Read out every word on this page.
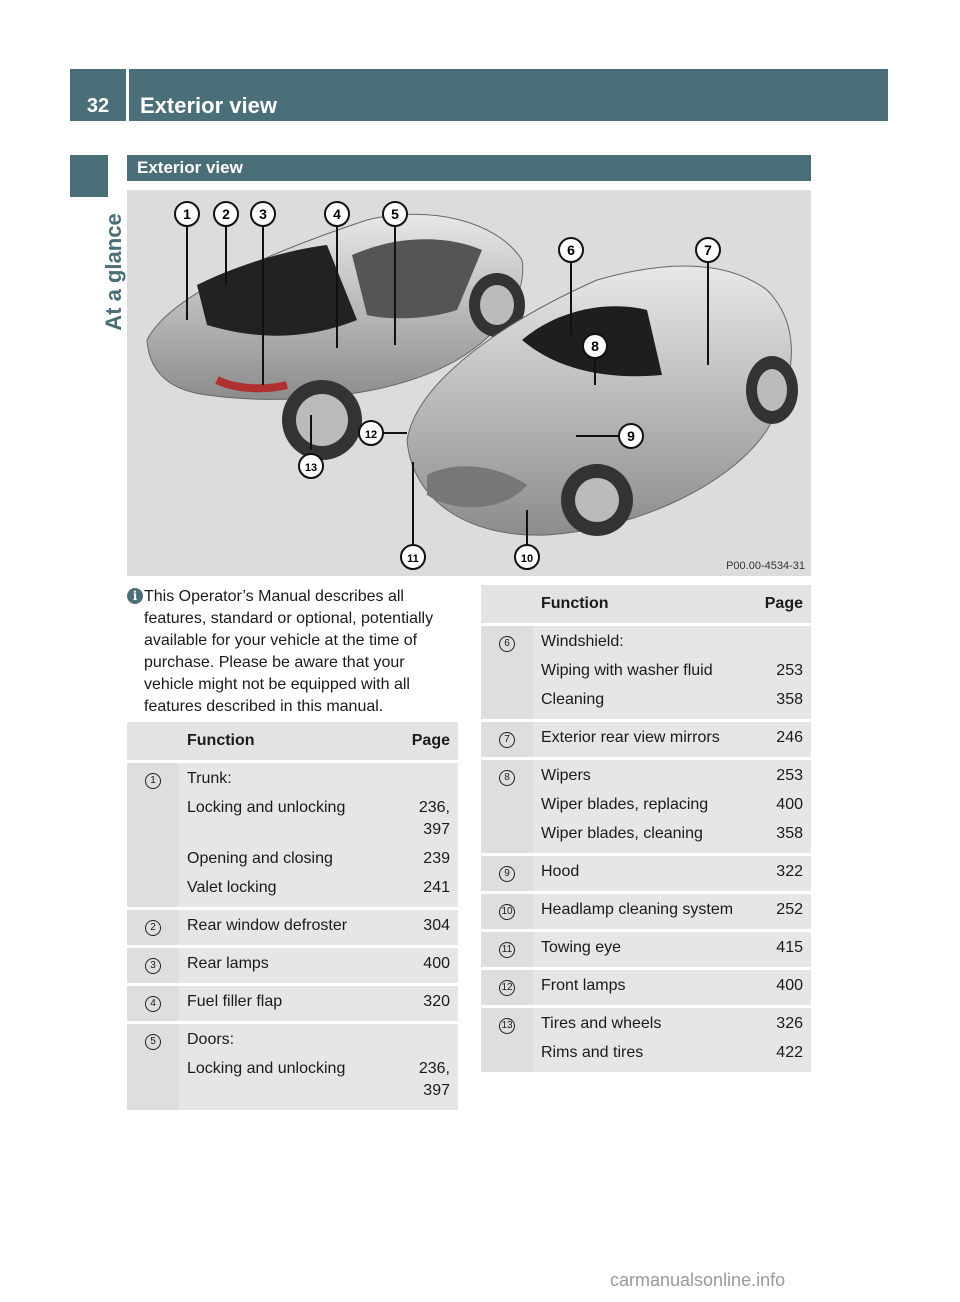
32	Exterior view
At a glance
Exterior view
1 2 3	4	5
6	7
8
9
10
11
12
13
P00.00-4534-31
i This Operator’s Manual describes all features, standard or optional, potentially available for your vehicle at the time of purchase. Please be aware that your vehicle might not be equipped with all features described in this manual.
	Function	Page
1	Trunk:	
	Locking and unlocking	236, 397
	Opening and closing	239
	Valet locking	241
2	Rear window defroster	304
3	Rear lamps	400
4	Fuel filler flap	320
5	Doors:	
	Locking and unlocking	236, 397
	Function	Page
6	Windshield:	
	Wiping with washer fluid	253
	Cleaning	358
7	Exterior rear view mirrors	246
8	Wipers	253
	Wiper blades, replacing	400
	Wiper blades, cleaning	358
9	Hood	322
10	Headlamp cleaning system	252
11	Towing eye	415
12	Front lamps	400
13	Tires and wheels	326
	Rims and tires	422
carmanualsonline.info
